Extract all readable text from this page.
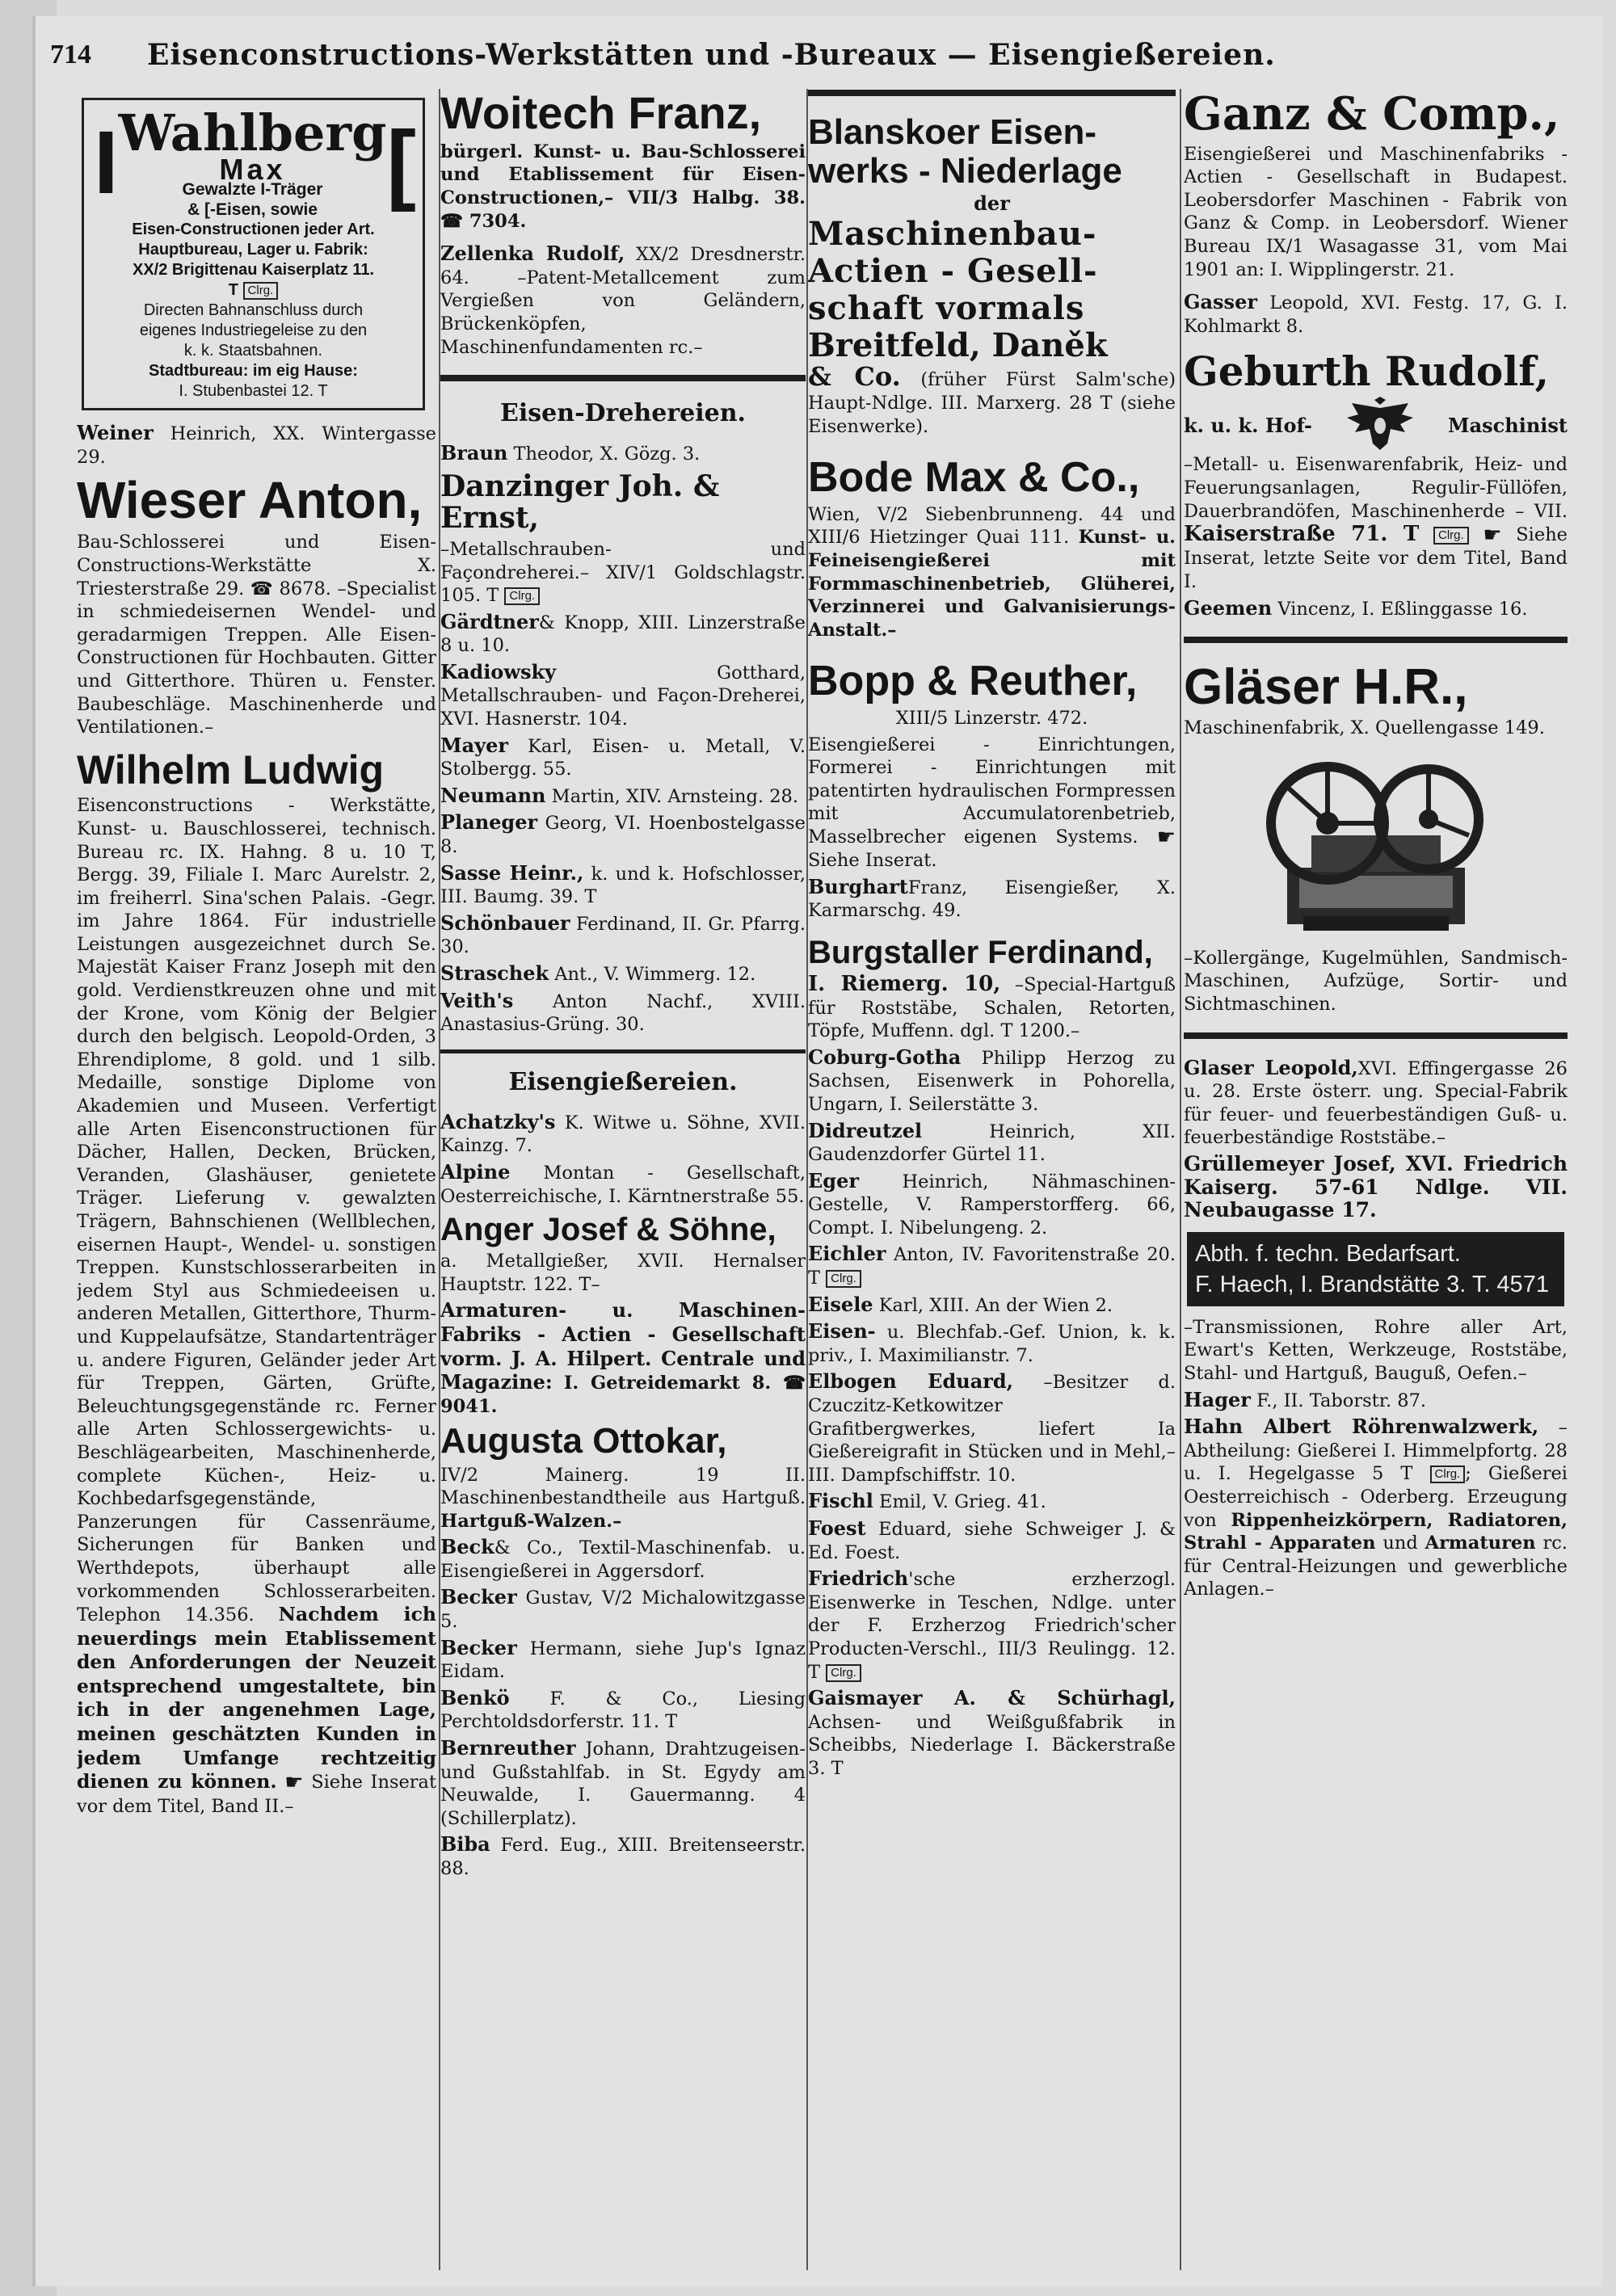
714	Eisenconstructions-Werkstätten und -Bureaux — Eisengießereien.
I Wahlberg
Max
Gewalzte I-Träger
& [-Eisen, sowie [
Eisen-Constructionen jeder Art.
Hauptbureau, Lager u. Fabrik:
XX/2 Brigittenau Kaiserplatz 11.
T Clrg.
Directen Bahnanschluss durch
eigenes Industriegeleise zu den
k. k. Staatsbahnen.
Stadtbureau: im eig Hause:
I. Stubenbastei 12. T

Weiner Heinrich, XX. Wintergasse 29.

Wieser Anton,

Bau-Schlosserei und Eisen-Constructions-Werkstätte X. Triesterstraße 29. ☎ 8678. –Specialist in schmiedeisernen Wendel- und geradarmigen Treppen. Alle Eisen-Constructionen für Hochbauten. Gitter und Gitterthore. Thüren u. Fenster. Baubeschläge. Maschinenherde und Ventilationen.–

Wilhelm Ludwig

Eisenconstructions - Werkstätte, Kunst- u. Bauschlosserei, technisch. Bureau rc. IX. Hahng. 8 u. 10 T, Bergg. 39, Filiale I. Marc Aurelstr. 2, im freiherrl. Sina'schen Palais. -Gegr. im Jahre 1864. Für industrielle Leistungen ausgezeichnet durch Se. Majestät Kaiser Franz Joseph mit den gold. Verdienstkreuzen ohne und mit der Krone, vom König der Belgier durch den belgisch. Leopold-Orden, 3 Ehrendiplome, 8 gold. und 1 silb. Medaille, sonstige Diplome von Akademien und Museen. Verfertigt alle Arten Eisenconstructionen für Dächer, Hallen, Decken, Brücken, Veranden, Glashäuser, genietete Träger. Lieferung v. gewalzten Trägern, Bahnschienen (Wellblechen, eisernen Haupt-, Wendel- u. sonstigen Treppen. Kunstschlosserarbeiten in jedem Styl aus Schmiedeeisen u. anderen Metallen, Gitterthore, Thurm- und Kuppelaufsätze, Standartenträger u. andere Figuren, Geländer jeder Art für Treppen, Gärten, Grüfte, Beleuchtungsgegenstände rc. Ferner alle Arten Schlossergewichts- u. Beschlägearbeiten, Maschinenherde, complete Küchen-, Heiz- u. Kochbedarfsgegenstände, Panzerungen für Cassenräume, Sicherungen für Banken und Werthdepots, überhaupt alle vorkommenden Schlosserarbeiten. Telephon 14.356. Nachdem ich neuerdings mein Etablissement den Anforderungen der Neuzeit entsprechend umgestaltete, bin ich in der angenehmen Lage, meinen geschätzten Kunden in jedem Umfange rechtzeitig dienen zu können. ☛ Siehe Inserat vor dem Titel, Band II.–

Woitech Franz,

bürgerl. Kunst- u. Bau-Schlosserei und Etablissement für Eisen-Constructionen,– VII/3 Halbg. 38. ☎ 7304.

Zellenka Rudolf, XX/2 Dresdnerstr. 64. –Patent-Metallcement zum Vergießen von Geländern, Brückenköpfen, Maschinenfundamenten rc.–

Eisen-Drehereien.

Braun Theodor, X. Gözg. 3.

Danzinger Joh. & Ernst,

–Metallschrauben- und Façondreherei.– XIV/1 Goldschlagstr. 105. T Clrg.

Gärdtner& Knopp, XIII. Linzerstraße 8 u. 10.

Kadiowsky	Gotthard, Metallschrauben- und Façon-Dreherei, XVI. Hasnerstr. 104.

Mayer Karl, Eisen- u. Metall, V. Stolbergg. 55.

Neumann Martin, XIV. Arnsteing. 28.

Planeger Georg, VI. Hoenbostelgasse 8.

Sasse Heinr., k. und k. Hofschlosser, III. Baumg. 39. T

Schönbauer Ferdinand, II. Gr. Pfarrg. 30.

Straschek Ant., V. Wimmerg. 12.

Veith's Anton Nachf., XVIII. Anastasius-Grüng. 30.

Eisengießereien.

Achatzky's K. Witwe u. Söhne, XVII. Kainzg. 7.

Alpine Montan - Gesellschaft, Oesterreichische, I. Kärntnerstraße 55.

Anger Josef & Söhne,

a. Metallgießer, XVII. Hernalser Hauptstr. 122. T–

Armaturen- u. Maschinen-Fabriks - Actien - Gesellschaft vorm. J. A. Hilpert. Centrale und Magazine: I. Getreidemarkt 8. ☎ 9041.

Augusta Ottokar,

IV/2 Mainerg. 19 II. Maschinenbestandtheile aus Hartguß. Hartguß-Walzen.–

Beck& Co., Textil-Maschinenfab. u. Eisengießerei in Aggersdorf.

Becker Gustav, V/2 Michalowitzgasse 5.

Becker Hermann, siehe Jup's Ignaz Eidam.

Benkö F. & Co., Liesing Perchtoldsdorferstr. 11. T

Bernreuther Johann, Drahtzugeisen- und Gußstahlfab. in St. Egydy am Neuwalde, I. Gauermanng. 4 (Schillerplatz).

Biba Ferd. Eug., XIII. Breitenseerstr. 88.

Blanskoer Eisen-
werks - Niederlage
der
Maschinenbau-
Actien - Gesell-
schaft vormals
Breitfeld, Daněk

& Co. (früher Fürst Salm'sche) Haupt-Ndlge. III. Marxerg. 28 T (siehe Eisenwerke).

Bode Max & Co.,

Wien, V/2 Siebenbrunneng. 44 und XIII/6 Hietzinger Quai 111. Kunst- u. Feineisengießerei mit Formmaschinenbetrieb, Glüherei, Verzinnerei und Galvanisierungs-Anstalt.–

Bopp & Reuther,
XIII/5 Linzerstr. 472.

Eisengießerei - Einrichtungen, Formerei - Einrichtungen mit patentirten hydraulischen Formpressen mit Accumulatorenbetrieb, Masselbrecher eigenen Systems. ☛ Siehe Inserat.

BurghartFranz, Eisengießer, X. Karmarschg. 49.

Burgstaller Ferdinand,

I. Riemerg. 10, –Special-Hartguß für Roststäbe, Schalen, Retorten, Töpfe, Muffenn. dgl. T 1200.–

Coburg-Gotha Philipp Herzog zu Sachsen, Eisenwerk in Pohorella, Ungarn, I. Seilerstätte 3.

Didreutzel	Heinrich, XII. Gaudenzdorfer Gürtel 11.

Eger Heinrich, Nähmaschinen-Gestelle, V. Ramperstorfferg. 66, Compt. I. Nibelungeng. 2.

Eichler Anton, IV. Favoritenstraße 20. T Clrg.

Eisele Karl, XIII. An der Wien 2.

Eisen- u. Blechfab.-Gef. Union, k. k. priv., I. Maximilianstr. 7.

Elbogen Eduard, –Besitzer d. Czuczitz-Ketkowitzer Grafitbergwerkes, liefert Ia Gießereigrafit in Stücken und in Mehl,– III. Dampfschiffstr. 10.

Fischl Emil, V. Grieg. 41.

Foest Eduard, siehe Schweiger J. & Ed. Foest.

Friedrich'sche erzherzogl. Eisenwerke in Teschen, Ndlge. unter der F. Erzherzog Friedrich'scher Producten-Verschl., III/3 Reulingg. 12. T Clrg.

Gaismayer A. & Schürhagl, Achsen- und Weißgußfabrik in Scheibbs, Niederlage I. Bäckerstraße 3. T

Ganz & Comp.,

Eisengießerei und Maschinenfabriks - Actien - Gesellschaft in Budapest. Leobersdorfer Maschinen - Fabrik von Ganz & Comp. in Leobersdorf. Wiener Bureau IX/1 Wasagasse 31, vom Mai 1901 an: I. Wipplingerstr. 21.

Gasser Leopold, XVI. Festg. 17, G. I. Kohlmarkt 8.

Geburth Rudolf,
k. u. k. Hof-	Maschinist

–Metall- u. Eisenwarenfabrik, Heiz- und Feuerungsanlagen, Regulir-Füllöfen, Dauerbrandöfen, Maschinenherde – VII. Kaiserstraße 71. T Clrg. ☛ Siehe Inserat, letzte Seite vor dem Titel, Band I.

Geemen Vincenz, I. Eßlinggasse 16.

Gläser H.R.,

Maschinenfabrik, X. Quellengasse 149.

–Kollergänge, Kugelmühlen, Sandmisch-Maschinen, Aufzüge, Sortir- und Sichtmaschinen.

Glaser Leopold,XVI. Effingergasse 26 u. 28. Erste österr. ung. Special-Fabrik für feuer- und feuerbeständigen Guß- u. feuerbeständige Roststäbe.–

Grüllemeyer Josef, XVI. Friedrich Kaiserg. 57-61 Ndlge. VII. Neubaugasse 17.

Abth. f. techn. Bedarfsart.
F. Haech, I. Brandstätte 3. T. 4571

–Transmissionen, Rohre aller Art, Ewart's Ketten, Werkzeuge, Roststäbe, Stahl- und Hartguß, Bauguß, Oefen.–

Hager F., II. Taborstr. 87.

Hahn Albert Röhrenwalzwerk, –Abtheilung: Gießerei I. Himmelpfortg. 28 u. I. Hegelgasse 5 T Clrg. ; Gießerei Oesterreichisch - Oderberg. Erzeugung von Rippenheizkörpern, Radiatoren, Strahl - Apparaten und Armaturen rc. für Central-Heizungen und gewerbliche Anlagen.–
